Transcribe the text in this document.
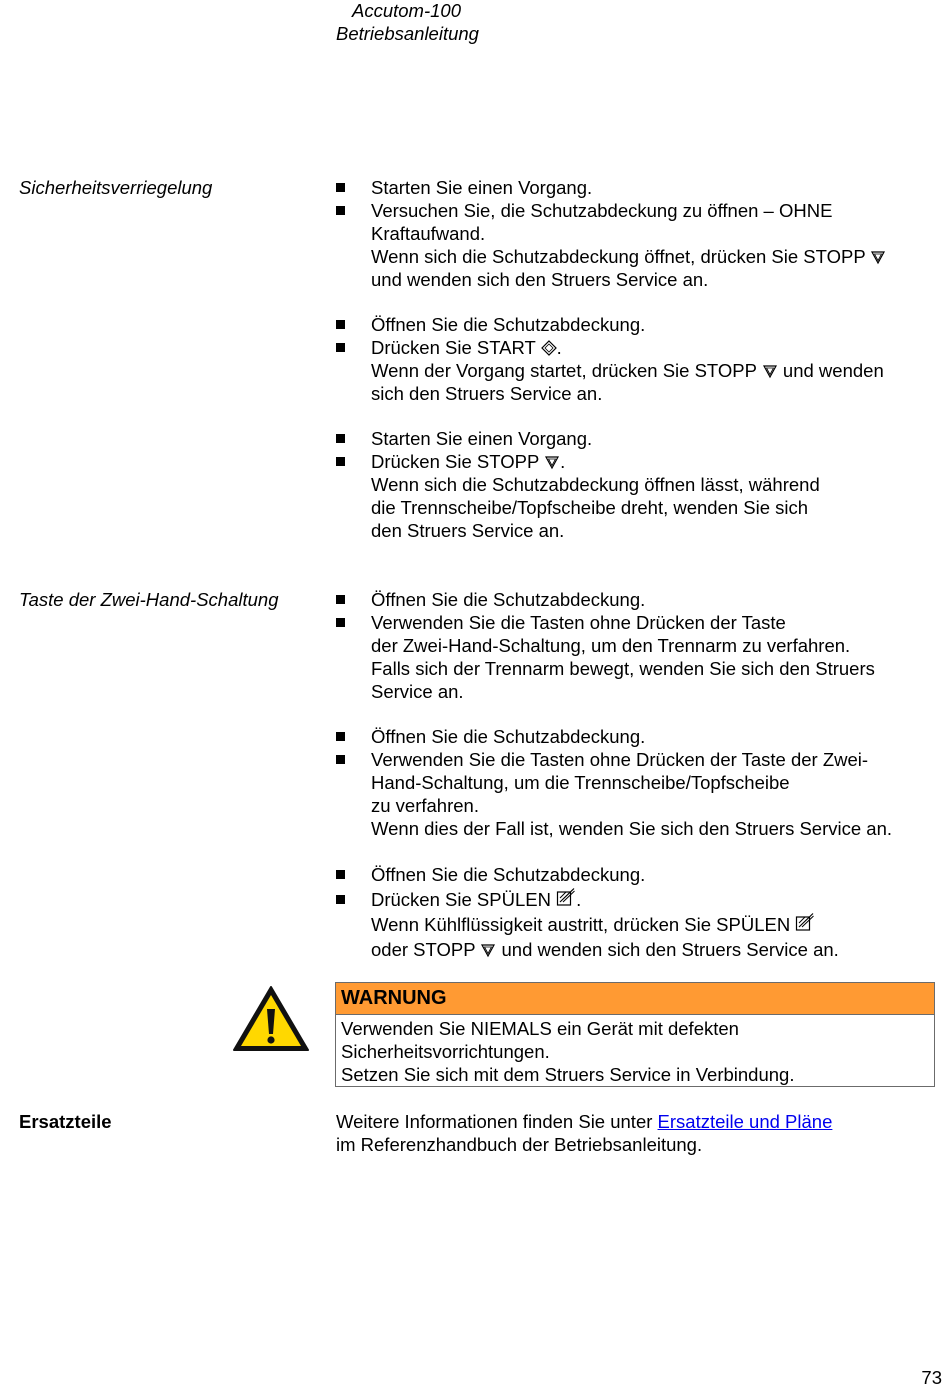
Accutom-100
Betriebsanleitung
Sicherheitsverriegelung	Starten Sie einen Vorgang.
Versuchen Sie, die Schutzabdeckung zu öffnen – OHNE
Kraftaufwand.
Wenn sich die Schutzabdeckung öffnet, drücken Sie STOPP
und wenden sich den Struers Service an.
Öffnen Sie die Schutzabdeckung.
Drücken Sie START .
Wenn der Vorgang startet, drücken Sie STOPP und wenden
sich den Struers Service an.
Starten Sie einen Vorgang.
Drücken Sie STOPP .
Wenn sich die Schutzabdeckung öffnen lässt, während
die Trennscheibe/Topfscheibe dreht, wenden Sie sich
den Struers Service an.
Taste der Zwei-Hand-Schaltung	Öffnen Sie die Schutzabdeckung.
Verwenden Sie die Tasten ohne Drücken der Taste
der Zwei-Hand-Schaltung, um den Trennarm zu verfahren.
Falls sich der Trennarm bewegt, wenden Sie sich den Struers
Service an.
Öffnen Sie die Schutzabdeckung.
Verwenden Sie die Tasten ohne Drücken der Taste der Zwei-
Hand-Schaltung, um die Trennscheibe/Topfscheibe
zu verfahren.
Wenn dies der Fall ist, wenden Sie sich den Struers Service an.
Öffnen Sie die Schutzabdeckung.
Drücken Sie SPÜLEN .
Wenn Kühlflüssigkeit austritt, drücken Sie SPÜLEN
oder STOPP  und wenden sich den Struers Service an.
WARNUNG
Verwenden Sie NIEMALS ein Gerät mit defekten
Sicherheitsvorrichtungen.
Setzen Sie sich mit dem Struers Service in Verbindung.
Ersatzteile	Weitere Informationen finden Sie unter Ersatzteile und Pläne
im Referenzhandbuch der Betriebsanleitung.
73
